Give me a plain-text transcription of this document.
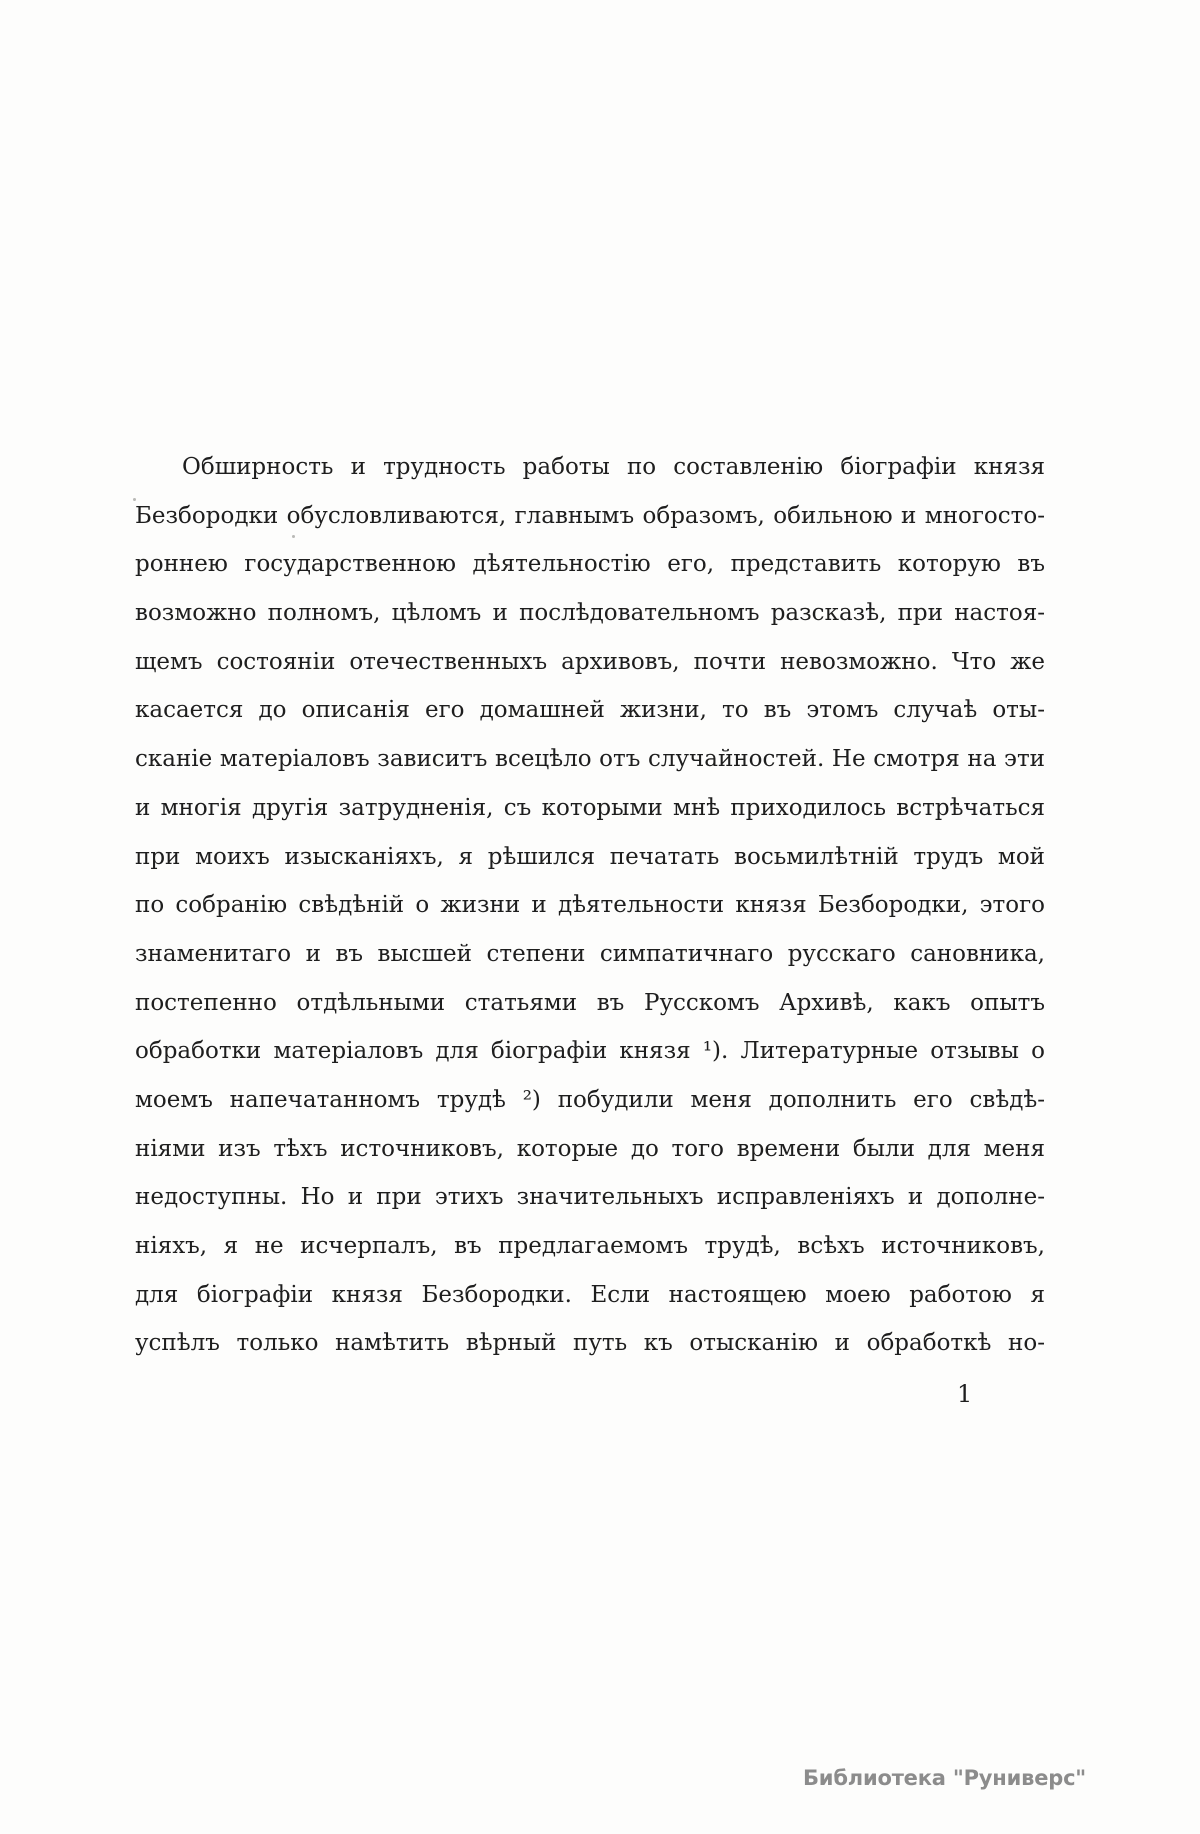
Обширность и трудность работы по составленію біографіи князя
Безбородки обусловливаются, главнымъ образомъ, обильною и многосто-
роннею государственною дѣятельностію его, представить которую въ
возможно полномъ, цѣломъ и послѣдовательномъ разсказѣ, при настоя-
щемъ состояніи отечественныхъ архивовъ, почти невозможно. Что же
касается до описанія его домашней жизни, то въ этомъ случаѣ оты-
сканіе матеріаловъ зависитъ всецѣло отъ случайностей. Не смотря на эти
и многія другія затрудненія, съ которыми мнѣ приходилось встрѣчаться
при моихъ изысканіяхъ, я рѣшился печатать восьмилѣтній трудъ мой
по собранію свѣдѣній о жизни и дѣятельности князя Безбородки, этого
знаменитаго и въ высшей степени симпатичнаго русскаго сановника,
постепенно отдѣльными статьями въ Русскомъ Архивѣ, какъ опытъ
обработки матеріаловъ для біографіи князя ¹). Литературные отзывы о
моемъ напечатанномъ трудѣ ²) побудили меня дополнить его свѣдѣ-
ніями изъ тѣхъ источниковъ, которые до того времени были для меня
недоступны. Но и при этихъ значительныхъ исправленіяхъ и дополне-
ніяхъ, я не исчерпалъ, въ предлагаемомъ трудѣ, всѣхъ источниковъ,
для біографіи князя Безбородки. Если настоящею моею работою я
успѣлъ только намѣтить вѣрный путь къ отысканію и обработкѣ но-
1
Библиотека "Руниверс"
